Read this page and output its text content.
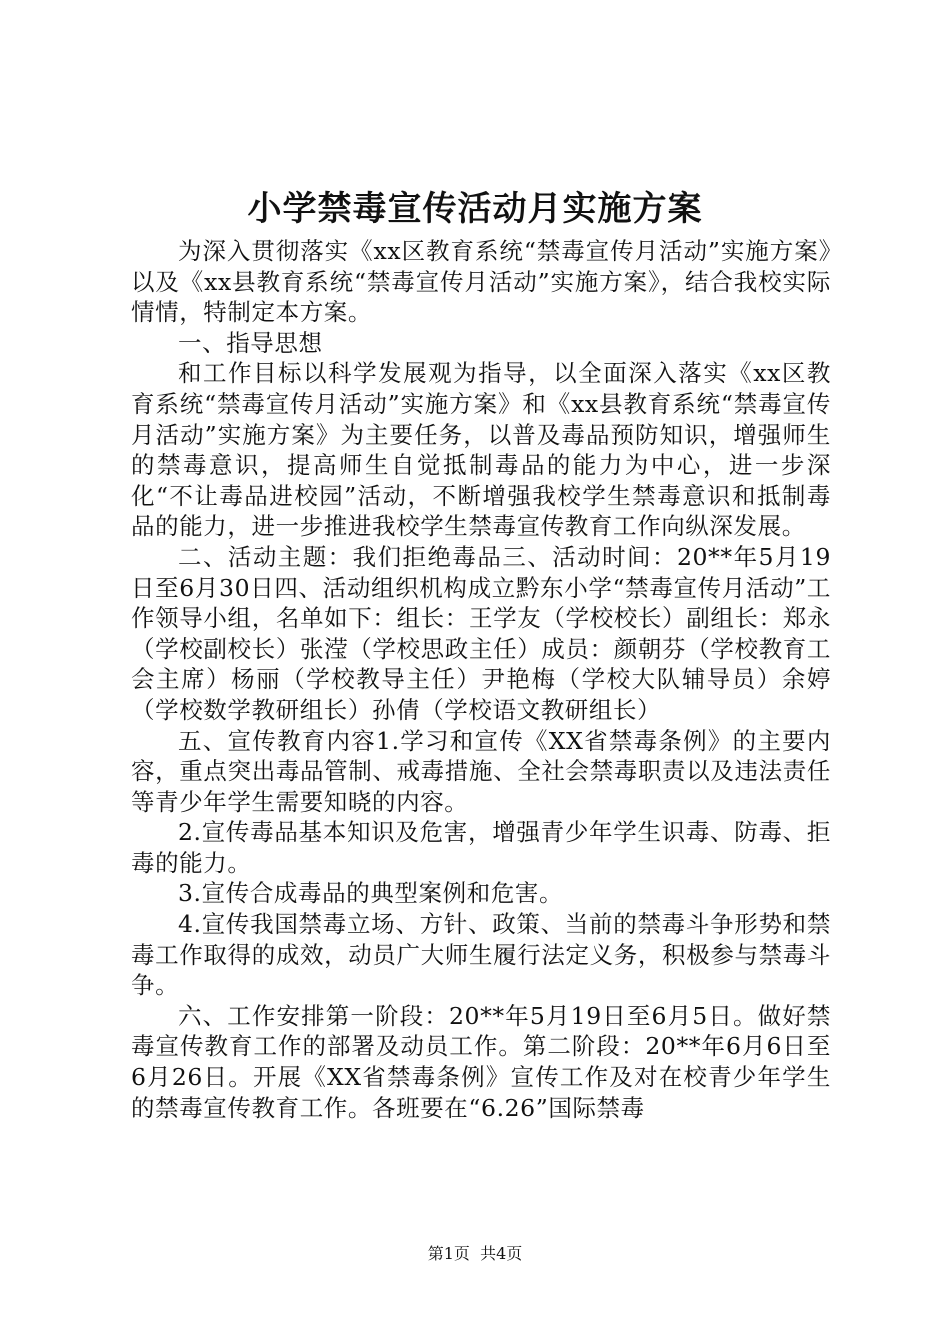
小学禁毒宣传活动月实施方案

为深入贯彻落实《xx区教育系统“禁毒宣传月活动”实施方案》以及《xx县教育系统“禁毒宣传月活动”实施方案》，结合我校实际情情，特制定本方案。

一、指导思想

和工作目标以科学发展观为指导，以全面深入落实《xx区教育系统“禁毒宣传月活动”实施方案》和《xx县教育系统“禁毒宣传月活动”实施方案》为主要任务，以普及毒品预防知识，增强师生的禁毒意识，提高师生自觉抵制毒品的能力为中心，进一步深化“不让毒品进校园”活动，不断增强我校学生禁毒意识和抵制毒品的能力，进一步推进我校学生禁毒宣传教育工作向纵深发展。

二、活动主题：我们拒绝毒品三、活动时间：20**年5月19日至6月30日四、活动组织机构成立黔东小学“禁毒宣传月活动”工作领导小组，名单如下：组长：王学友（学校校长）副组长：郑永（学校副校长）张滢（学校思政主任）成员：颜朝芬（学校教育工会主席）杨丽（学校教导主任）尹艳梅（学校大队辅导员）余婷（学校数学教研组长）孙倩（学校语文教研组长）

五、宣传教育内容1.学习和宣传《XX省禁毒条例》的主要内容，重点突出毒品管制、戒毒措施、全社会禁毒职责以及违法责任等青少年学生需要知晓的内容。

2.宣传毒品基本知识及危害，增强青少年学生识毒、防毒、拒毒的能力。

3.宣传合成毒品的典型案例和危害。

4.宣传我国禁毒立场、方针、政策、当前的禁毒斗争形势和禁毒工作取得的成效，动员广大师生履行法定义务，积极参与禁毒斗争。

六、工作安排第一阶段：20**年5月19日至6月5日。做好禁毒宣传教育工作的部署及动员工作。第二阶段：20**年6月6日至6月26日。开展《XX省禁毒条例》宣传工作及对在校青少年学生的禁毒宣传教育工作。各班要在“6.26”国际禁毒

第1页  共4页
